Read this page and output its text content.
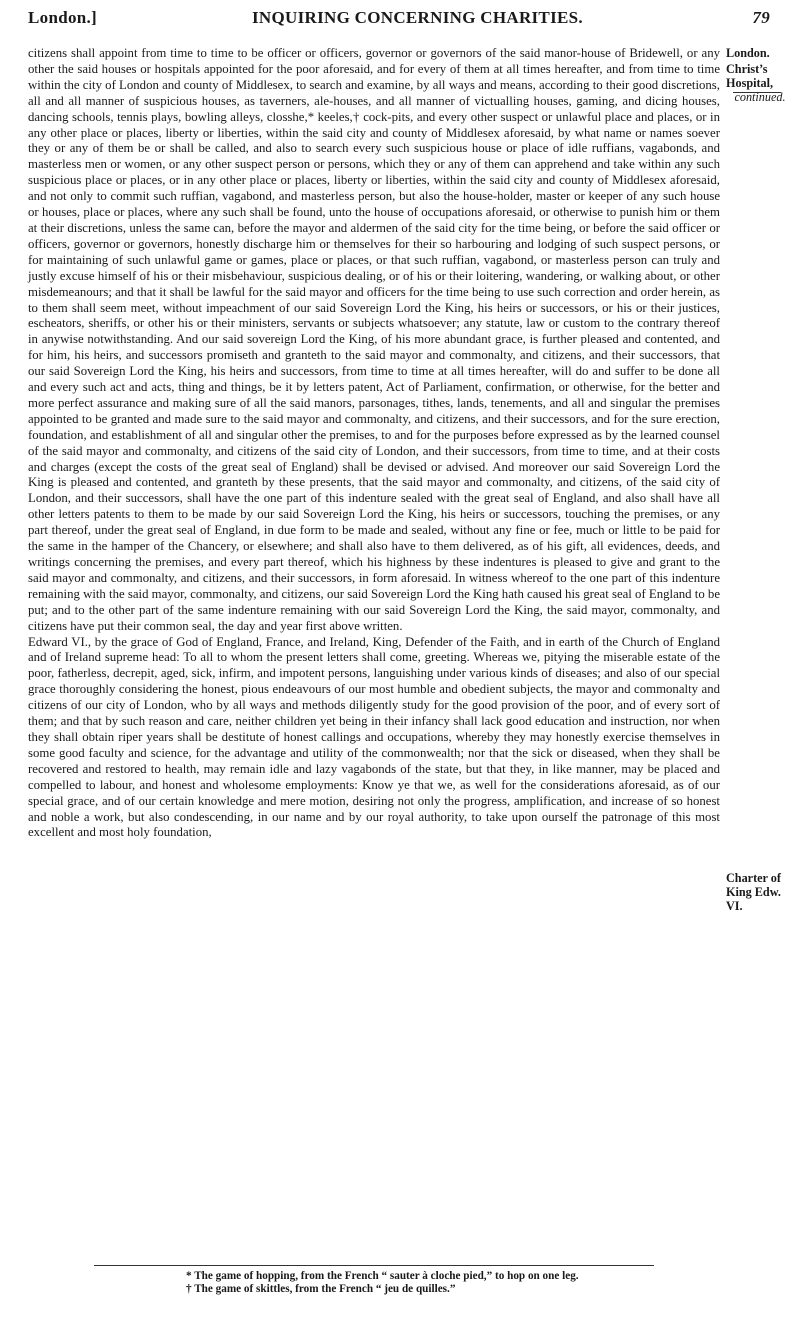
London.]	INQUIRING CONCERNING CHARITIES.	79
London.
Christ’s Hospital,
continued.
Charter of King Edw. VI.

citizens shall appoint from time to time to be officer or officers, governor or governors of the said manor-house of Bridewell, or any other the said houses or hospitals appointed for the poor aforesaid, and for every of them at all times hereafter, and from time to time within the city of London and county of Middlesex, to search and examine, by all ways and means, according to their good discretions, all and all manner of suspicious houses, as taverners, ale-houses, and all manner of victualling houses, gaming, and dicing houses, dancing schools, tennis plays, bowling alleys, closshe,* keeles,† cock-pits, and every other suspect or unlawful place and places, or in any other place or places, liberty or liberties, within the said city and county of Middlesex aforesaid, by what name or names soever they or any of them be or shall be called, and also to search every such suspicious house or place of idle ruffians, vagabonds, and masterless men or women, or any other suspect person or persons, which they or any of them can apprehend and take within any such suspicious place or places, or in any other place or places, liberty or liberties, within the said city and county of Middlesex aforesaid, and not only to commit such ruffian, vagabond, and masterless person, but also the house-holder, master or keeper of any such house or houses, place or places, where any such shall be found, unto the house of occupations aforesaid, or otherwise to punish him or them at their discretions, unless the same can, before the mayor and aldermen of the said city for the time being, or before the said officer or officers, governor or governors, honestly discharge him or themselves for their so harbouring and lodging of such suspect persons, or for maintaining of such unlawful game or games, place or places, or that such ruffian, vagabond, or masterless person can truly and justly excuse himself of his or their misbehaviour, suspicious dealing, or of his or their loitering, wandering, or walking about, or other misdemeanours; and that it shall be lawful for the said mayor and officers for the time being to use such correction and order herein, as to them shall seem meet, without impeachment of our said Sovereign Lord the King, his heirs or successors, or his or their justices, escheators, sheriffs, or other his or their ministers, servants or subjects whatsoever; any statute, law or custom to the contrary thereof in anywise notwithstanding. And our said sovereign Lord the King, of his more abundant grace, is further pleased and contented, and for him, his heirs, and successors promiseth and granteth to the said mayor and commonalty, and citizens, and their successors, that our said Sovereign Lord the King, his heirs and successors, from time to time at all times hereafter, will do and suffer to be done all and every such act and acts, thing and things, be it by letters patent, Act of Parliament, confirmation, or otherwise, for the better and more perfect assurance and making sure of all the said manors, parsonages, tithes, lands, tenements, and all and singular the premises appointed to be granted and made sure to the said mayor and commonalty, and citizens, and their successors, and for the sure erection, foundation, and establishment of all and singular other the premises, to and for the purposes before expressed as by the learned counsel of the said mayor and commonalty, and citizens of the said city of London, and their successors, from time to time, and at their costs and charges (except the costs of the great seal of England) shall be devised or advised. And moreover our said Sovereign Lord the King is pleased and contented, and granteth by these presents, that the said mayor and commonalty, and citizens, of the said city of London, and their successors, shall have the one part of this indenture sealed with the great seal of England, and also shall have all other letters patents to them to be made by our said Sovereign Lord the King, his heirs or successors, touching the premises, or any part thereof, under the great seal of England, in due form to be made and sealed, without any fine or fee, much or little to be paid for the same in the hamper of the Chancery, or elsewhere; and shall also have to them delivered, as of his gift, all evidences, deeds, and writings concerning the premises, and every part thereof, which his highness by these indentures is pleased to give and grant to the said mayor and commonalty, and citizens, and their successors, in form aforesaid. In witness whereof to the one part of this indenture remaining with the said mayor, commonalty, and citizens, our said Sovereign Lord the King hath caused his great seal of England to be put; and to the other part of the same indenture remaining with our said Sovereign Lord the King, the said mayor, commonalty, and citizens have put their common seal, the day and year first above written.

Edward VI., by the grace of God of England, France, and Ireland, King, Defender of the Faith, and in earth of the Church of England and of Ireland supreme head: To all to whom the present letters shall come, greeting. Whereas we, pitying the miserable estate of the poor, fatherless, decrepit, aged, sick, infirm, and impotent persons, languishing under various kinds of diseases; and also of our special grace thoroughly considering the honest, pious endeavours of our most humble and obedient subjects, the mayor and commonalty and citizens of our city of London, who by all ways and methods diligently study for the good provision of the poor, and of every sort of them; and that by such reason and care, neither children yet being in their infancy shall lack good education and instruction, nor when they shall obtain riper years shall be destitute of honest callings and occupations, whereby they may honestly exercise themselves in some good faculty and science, for the advantage and utility of the commonwealth; nor that the sick or diseased, when they shall be recovered and restored to health, may remain idle and lazy vagabonds of the state, but that they, in like manner, may be placed and compelled to labour, and honest and wholesome employments: Know ye that we, as well for the considerations aforesaid, as of our special grace, and of our certain knowledge and mere motion, desiring not only the progress, amplification, and increase of so honest and noble a work, but also condescending, in our name and by our royal authority, to take upon ourself the patronage of this most excellent and most holy foundation,

* The game of hopping, from the French “ sauter à cloche pied,” to hop on one leg.

† The game of skittles, from the French “ jeu de quilles.”
